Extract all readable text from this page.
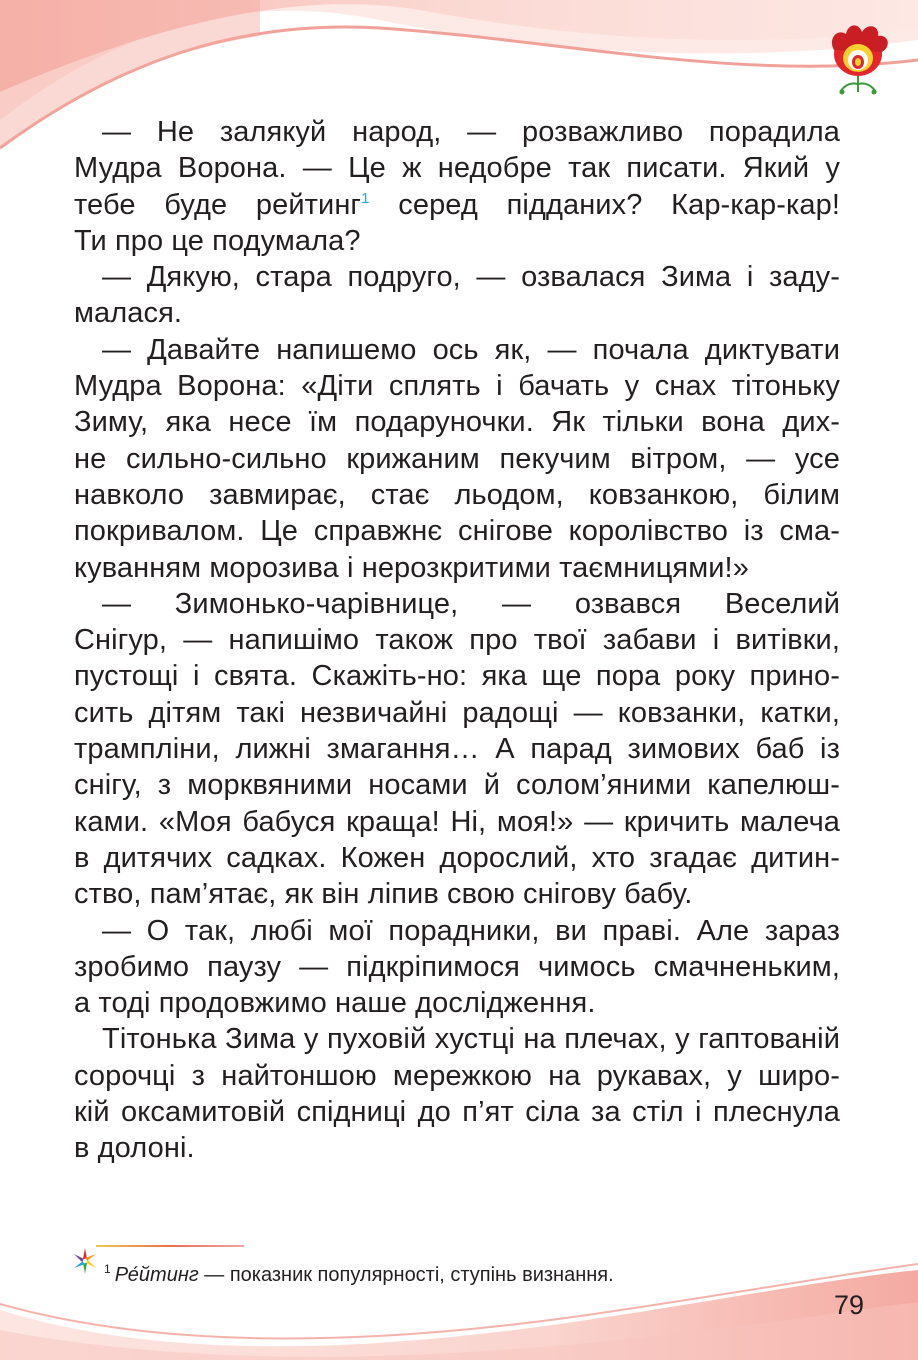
— Не залякуй народ, — розважливо порадила
Мудра Ворона. — Це ж недобре так писати. Який у
тебе буде рейтинг$^1$ серед підданих? Кар-кар-кар!
Ти про це подумала?

— Дякую, стара подруго, — озвалася Зима і заду-
малася.

— Давайте напишемо ось як, — почала диктувати
Мудра Ворона: «Діти сплять і бачать у снах тітоньку
Зиму, яка несе їм подаруночки. Як тільки вона дих-
не сильно-сильно крижаним пекучим вітром, — усе
навколо завмирає, стає льодом, ковзанкою, білим
покривалом. Це справжнє снігове королівство із сма-
куванням морозива і нерозкритими таємницями!»

— Зимонько-чарівнице, — озвався Веселий
Снігур, — напишімо також про твої забави і витівки,
пустощі і свята. Скажіть-но: яка ще пора року прино-
сить дітям такі незвичайні радощі — ковзанки, катки,
трампліни, лижні змагання… А парад зимових баб із
снігу, з морквяними носами й солом’яними капелюш-
ками. «Моя бабуся краща! Ні, моя!» — кричить малеча
в дитячих садках. Кожен дорослий, хто згадає дитин-
ство, пам’ятає, як він ліпив свою снігову бабу.

— О так, любі мої порадники, ви праві. Але зараз
зробимо паузу — підкріпимося чимось смачненьким,
а тоді продовжимо наше дослідження.

Тітонька Зима у пуховій хустці на плечах, у гаптованій
сорочці з найтоншою мережкою на рукавах, у широ-
кій оксамитовій спідниці до п’ят сіла за стіл і плеснула
в долоні.

$^1$ Ре́йтинг — показник популярності, ступінь визнання.
79
